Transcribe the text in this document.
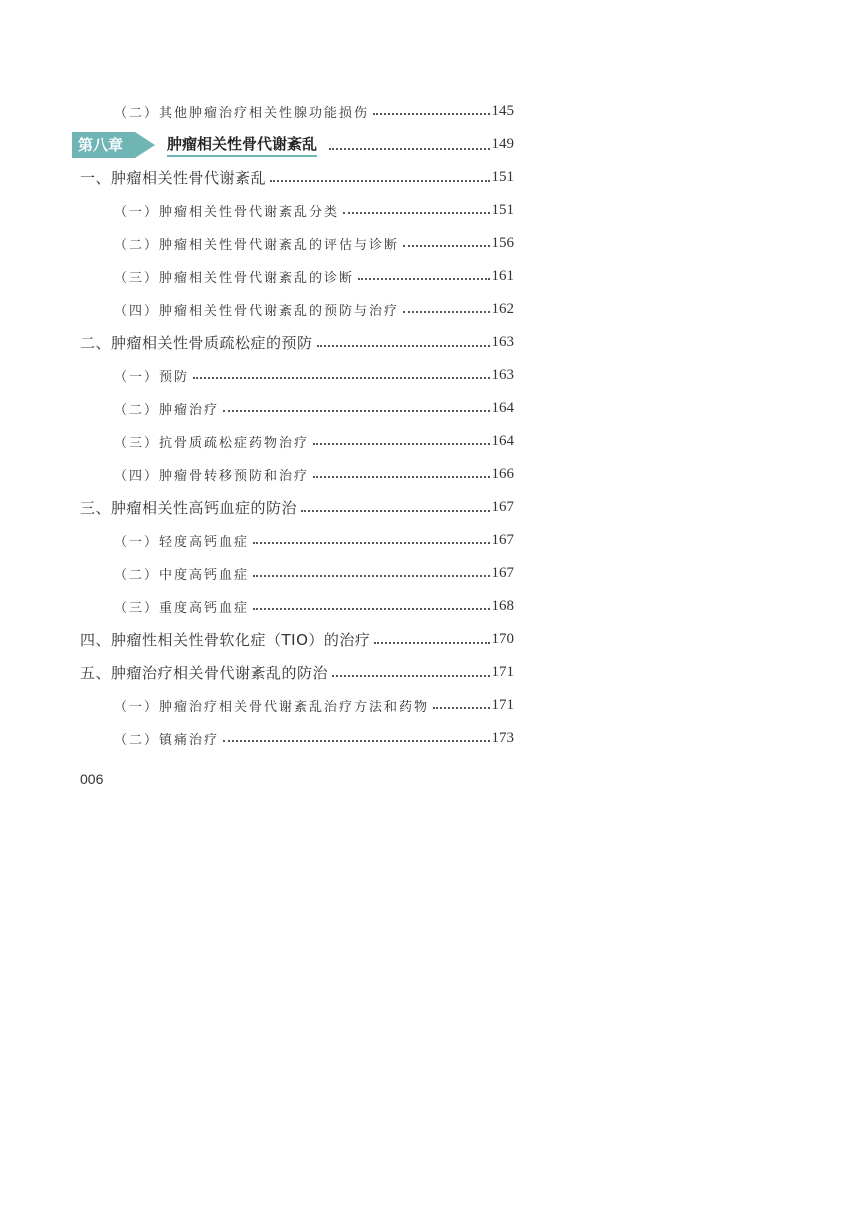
（二）其他肿瘤治疗相关性腺功能损伤	145
第八章	肿瘤相关性骨代谢紊乱	149
一、肿瘤相关性骨代谢紊乱	151
（一）肿瘤相关性骨代谢紊乱分类	151
（二）肿瘤相关性骨代谢紊乱的评估与诊断	156
（三）肿瘤相关性骨代谢紊乱的诊断	161
（四）肿瘤相关性骨代谢紊乱的预防与治疗	162
二、肿瘤相关性骨质疏松症的预防	163
（一）预防	163
（二）肿瘤治疗	164
（三）抗骨质疏松症药物治疗	164
（四）肿瘤骨转移预防和治疗	166
三、肿瘤相关性高钙血症的防治	167
（一）轻度高钙血症	167
（二）中度高钙血症	167
（三）重度高钙血症	168
四、肿瘤性相关性骨软化症（TIO）的治疗	170
五、肿瘤治疗相关骨代谢紊乱的防治	171
（一）肿瘤治疗相关骨代谢紊乱治疗方法和药物	171
（二）镇痛治疗	173
006
